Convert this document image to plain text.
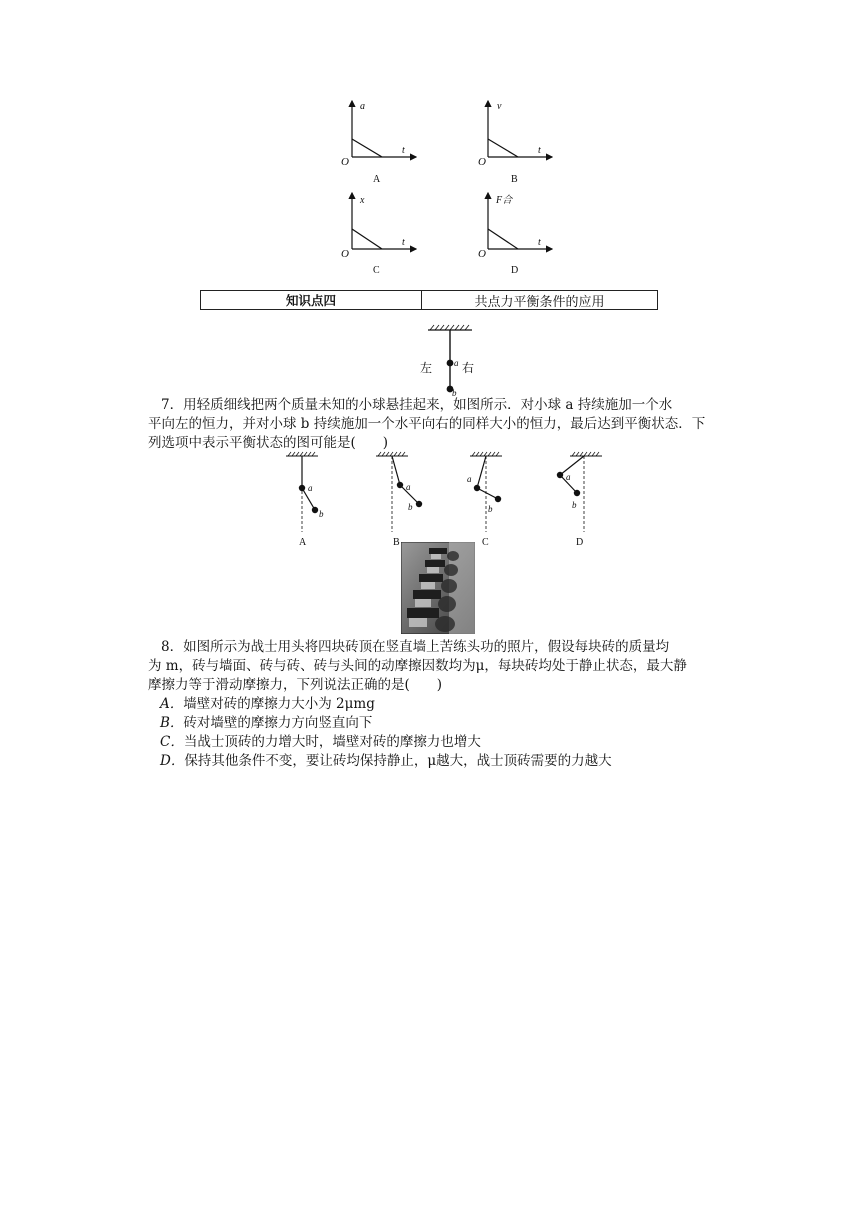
a
t
O
A
v
t
O
B
x
t
O
C
F合
t
O
D
知识点四	共点力平衡条件的应用
左 a 右
b
7．用轻质细线把两个质量未知的小球悬挂起来，如图所示．对小球 a 持续施加一个水
平向左的恒力，并对小球 b 持续施加一个水平向右的同样大小的恒力，最后达到平衡状态．下
列选项中表示平衡状态的图可能是(　　)
a
b
A
a
b
B
a
b
C
a
b
D
8．如图所示为战士用头将四块砖顶在竖直墙上苦练头功的照片，假设每块砖的质量均
为 m，砖与墙面、砖与砖、砖与头间的动摩擦因数均为μ，每块砖均处于静止状态，最大静
摩擦力等于滑动摩擦力，下列说法正确的是(　　)
A．墙壁对砖的摩擦力大小为 2μmg
B．砖对墙壁的摩擦力方向竖直向下
C．当战士顶砖的力增大时，墙壁对砖的摩擦力也增大
D．保持其他条件不变，要让砖均保持静止，μ越大，战士顶砖需要的力越大
